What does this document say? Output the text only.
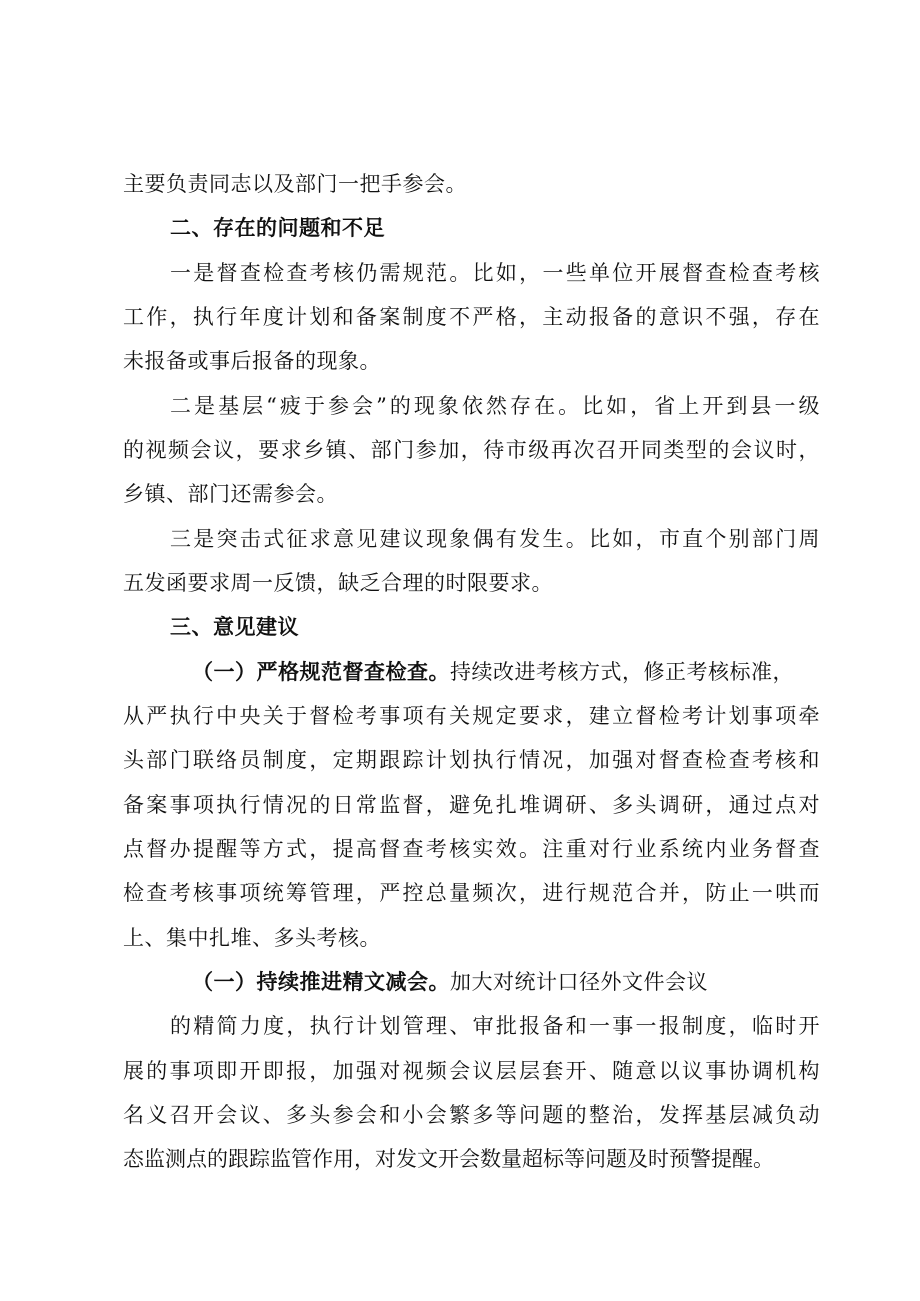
主要负责同志以及部门一把手参会。
二、存在的问题和不足
一是督查检查考核仍需规范。比如，一些单位开展督查检查考核
工作，执行年度计划和备案制度不严格，主动报备的意识不强，存在
未报备或事后报备的现象。
二是基层“疲于参会”的现象依然存在。比如，省上开到县一级
的视频会议，要求乡镇、部门参加，待市级再次召开同类型的会议时，
乡镇、部门还需参会。
三是突击式征求意见建议现象偶有发生。比如，市直个别部门周
五发函要求周一反馈，缺乏合理的时限要求。
三、意见建议
（一）严格规范督查检查。持续改进考核方式，修正考核标准，
从严执行中央关于督检考事项有关规定要求，建立督检考计划事项牵
头部门联络员制度，定期跟踪计划执行情况，加强对督查检查考核和
备案事项执行情况的日常监督，避免扎堆调研、多头调研，通过点对
点督办提醒等方式，提高督查考核实效。注重对行业系统内业务督查
检查考核事项统筹管理，严控总量频次，进行规范合并，防止一哄而
上、集中扎堆、多头考核。
（一）持续推进精文减会。加大对统计口径外文件会议
的精简力度，执行计划管理、审批报备和一事一报制度，临时开
展的事项即开即报，加强对视频会议层层套开、随意以议事协调机构
名义召开会议、多头参会和小会繁多等问题的整治，发挥基层减负动
态监测点的跟踪监管作用，对发文开会数量超标等问题及时预警提醒。
